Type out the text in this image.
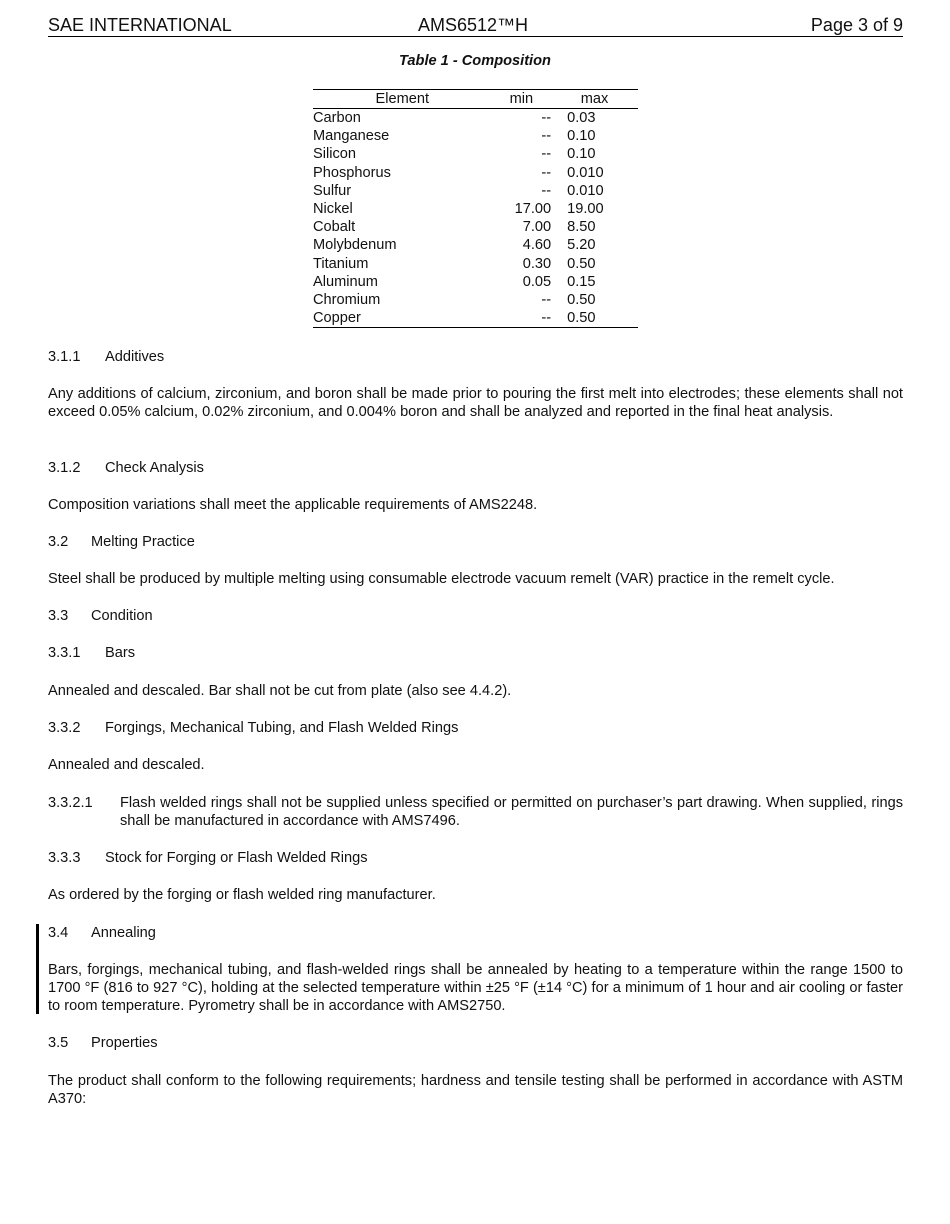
SAE INTERNATIONAL	AMS6512™H	Page 3 of 9
Table 1 - Composition
Element	min	max
Carbon	--	0.03
Manganese	--	0.10
Silicon	--	0.10
Phosphorus	--	0.010
Sulfur	--	0.010
Nickel	17.00	19.00
Cobalt	7.00	8.50
Molybdenum	4.60	5.20
Titanium	0.30	0.50
Aluminum	0.05	0.15
Chromium	--	0.50
Copper	--	0.50
3.1.1 Additives
Any additions of calcium, zirconium, and boron shall be made prior to pouring the first melt into electrodes; these elements shall not exceed 0.05% calcium, 0.02% zirconium, and 0.004% boron and shall be analyzed and reported in the final heat analysis.
3.1.2 Check Analysis
Composition variations shall meet the applicable requirements of AMS2248.
3.2 Melting Practice
Steel shall be produced by multiple melting using consumable electrode vacuum remelt (VAR) practice in the remelt cycle.
3.3 Condition
3.3.1 Bars
Annealed and descaled. Bar shall not be cut from plate (also see 4.4.2).
3.3.2 Forgings, Mechanical Tubing, and Flash Welded Rings
Annealed and descaled.
3.3.2.1 Flash welded rings shall not be supplied unless specified or permitted on purchaser’s part drawing. When supplied, rings shall be manufactured in accordance with AMS7496.
3.3.3 Stock for Forging or Flash Welded Rings
As ordered by the forging or flash welded ring manufacturer.
3.4 Annealing
Bars, forgings, mechanical tubing, and flash-welded rings shall be annealed by heating to a temperature within the range 1500 to 1700 °F (816 to 927 °C), holding at the selected temperature within ±25 °F (±14 °C) for a minimum of 1 hour and air cooling or faster to room temperature. Pyrometry shall be in accordance with AMS2750.
3.5 Properties
The product shall conform to the following requirements; hardness and tensile testing shall be performed in accordance with ASTM A370:
